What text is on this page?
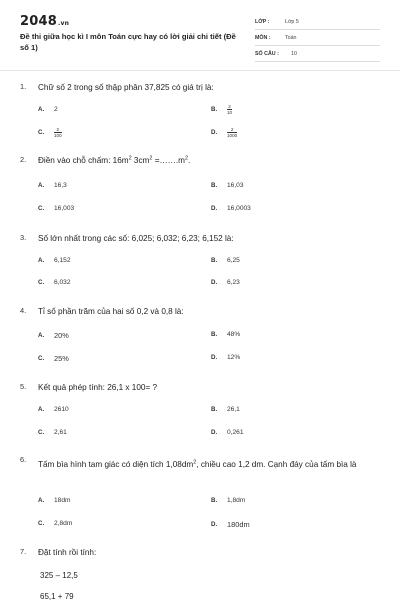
2048.vn
Đề thi giữa học kì I môn Toán cực hay có lời giải chi tiết (Đề số 1)
LỚP :	Lớp 5
MÔN :	Toán
SỐ CÂU :	10
1. Chữ số 2 trong số thập phân 37,825 có giá trị là:
A.	2	B.	$\frac{2}{10}$
C.	$\frac{2}{100}$	D.	$\frac{2}{1000}$
2. Điền vào chỗ chấm: $16m^2$ $3cm^2$ $=\dots\dots.m^2$.
A.	16,3	B.	16,03
C.	16,003	D.	16,0003
3. Số lớn nhất trong các số: 6,025; 6,032; 6,23; 6,152 là:
A.	6,152	B.	6,25
C.	6,032	D.	6,23
4. Tỉ số phần trăm của hai số 0,2 và 0,8 là:
A.	20%	B.	48%
C.	25%	D.	12%
5. Kết quả phép tính: 26,1 x 100= ?
A.	2610	B.	26,1
C.	2,61	D.	0,261
6.
Tấm bìa hình tam giác có diện tích $1,08dm^2$, chiều cao 1,2 dm. Cạnh đáy của tấm bìa là
A.	18dm	B.	1,8dm
C.	2,8dm	D.	180dm
7. Đặt tính rồi tính:
325 – 12,5
65,1 + 79
